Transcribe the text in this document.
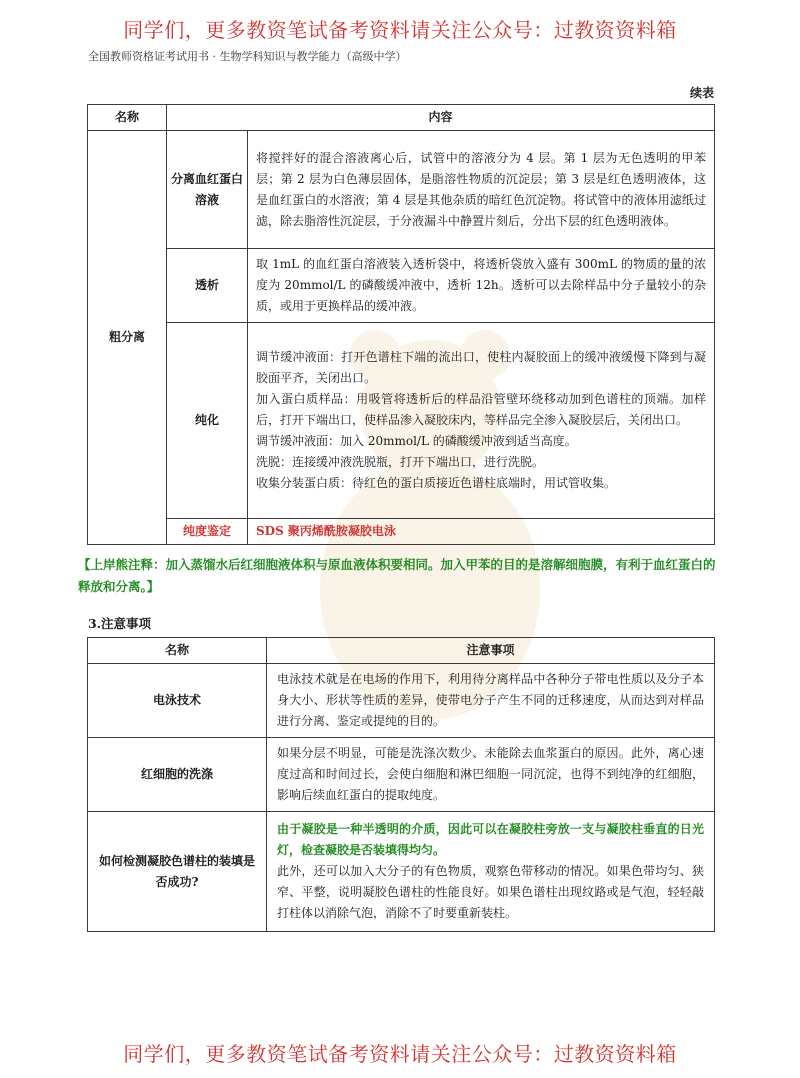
同学们，更多教资笔试备考资料请关注公众号：过教资资料箱
全国教师资格证考试用书 · 生物学科知识与教学能力（高级中学）
续表
名称	内容	
粗分离	分离血红蛋白溶液	将搅拌好的混合溶液离心后，试管中的溶液分为 4 层。第 1 层为无色透明的甲苯层；第 2 层为白色薄层固体，是脂溶性物质的沉淀层；第 3 层是红色透明液体，这是血红蛋白的水溶液；第 4 层是其他杂质的暗红色沉淀物。将试管中的液体用滤纸过滤，除去脂溶性沉淀层，于分液漏斗中静置片刻后，分出下层的红色透明液体。

	透析	取 1mL 的血红蛋白溶液装入透析袋中，将透析袋放入盛有 300mL 的物质的量的浓度为 20mmol/L 的磷酸缓冲液中，透析 12h。透析可以去除样品中分子量较小的杂质，或用于更换样品的缓冲液。

	纯化	调节缓冲液面：打开色谱柱下端的流出口，使柱内凝胶面上的缓冲液缓慢下降到与凝胶面平齐，关闭出口。

加入蛋白质样品：用吸管将透析后的样品沿管壁环绕移动加到色谱柱的顶端。加样后，打开下端出口，使样品渗入凝胶床内，等样品完全渗入凝胶层后，关闭出口。

调节缓冲液面：加入 20mmol/L 的磷酸缓冲液到适当高度。

洗脱：连接缓冲液洗脱瓶，打开下端出口，进行洗脱。

收集分装蛋白质：待红色的蛋白质接近色谱柱底端时，用试管收集。

	纯度鉴定	SDS 聚丙烯酰胺凝胶电泳
【上岸熊注释：加入蒸馏水后红细胞液体积与原血液体积要相同。加入甲苯的目的是溶解细胞膜，有利于血红蛋白的释放和分离。】
3.注意事项
名称	注意事项
电泳技术	电泳技术就是在电场的作用下，利用待分离样品中各种分子带电性质以及分子本身大小、形状等性质的差异，使带电分子产生不同的迁移速度，从而达到对样品进行分离、鉴定或提纯的目的。

红细胞的洗涤	如果分层不明显，可能是洗涤次数少、未能除去血浆蛋白的原因。此外，离心速度过高和时间过长，会使白细胞和淋巴细胞一同沉淀，也得不到纯净的红细胞，影响后续血红蛋白的提取纯度。

如何检测凝胶色谱柱的装填是否成功?	由于凝胶是一种半透明的介质，因此可以在凝胶柱旁放一支与凝胶柱垂直的日光灯，检查凝胶是否装填得均匀。

此外，还可以加入大分子的有色物质，观察色带移动的情况。如果色带均匀、狭窄、平整，说明凝胶色谱柱的性能良好。如果色谱柱出现纹路或是气泡，轻轻敲打柱体以消除气泡，消除不了时要重新装柱。

同学们，更多教资笔试备考资料请关注公众号：过教资资料箱
